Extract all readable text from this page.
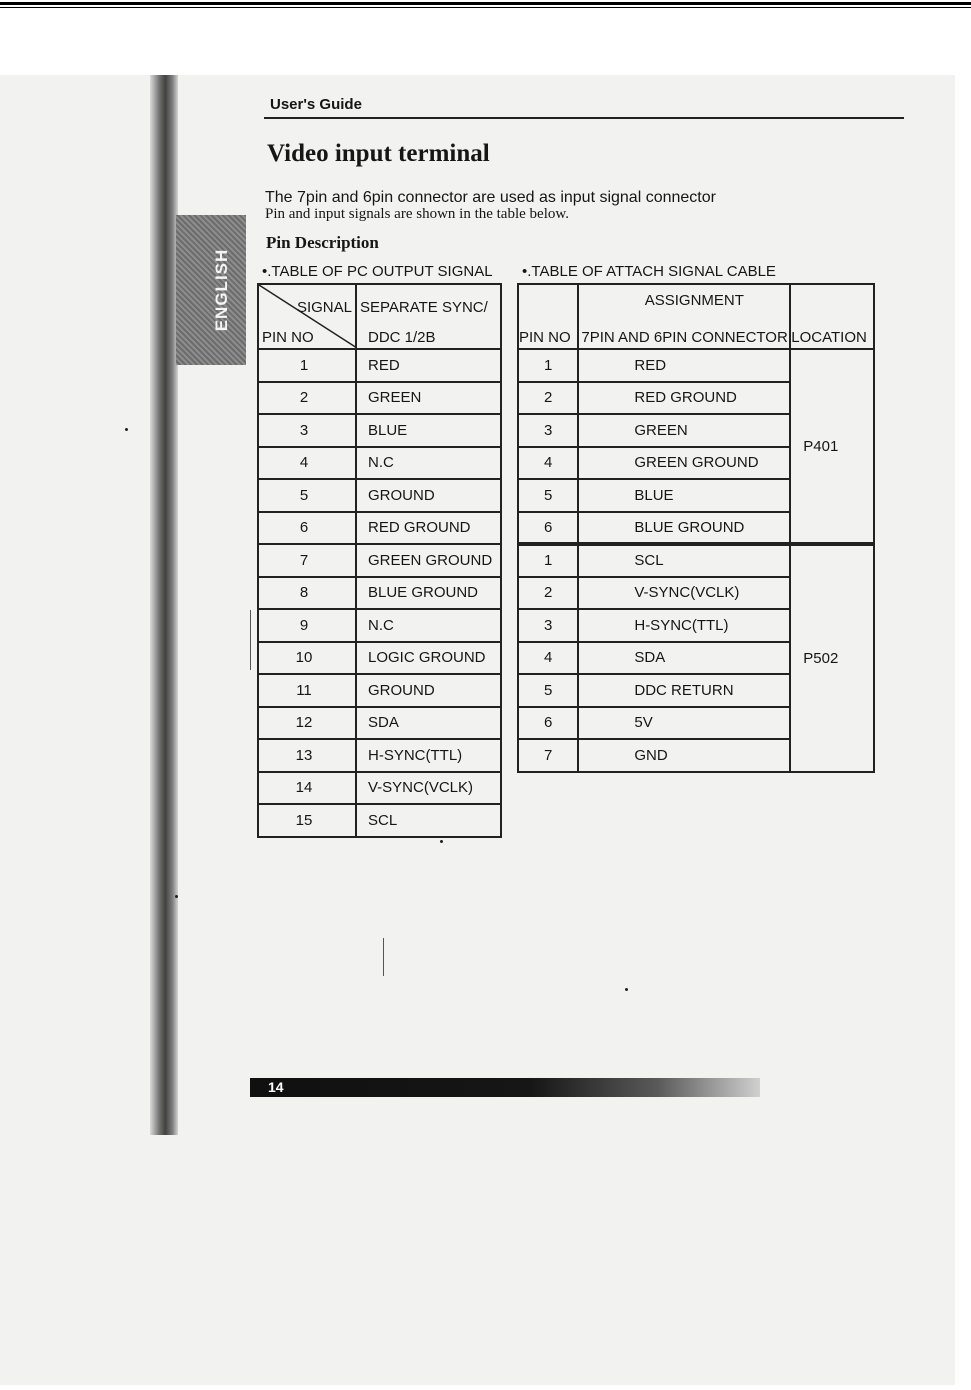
ENGLISH
User's Guide
Video input terminal
The 7pin and 6pin connector are used as input signal connector
Pin and input signals are shown in the table below.
Pin Description
•.TABLE OF PC OUTPUT SIGNAL •.TABLE OF ATTACH SIGNAL CABLE
SIGNAL
PIN NO	SEPARATE SYNC/
DDC 1/2B

1	RED
2	GREEN
3	BLUE
4	N.C
5	GROUND
6	RED GROUND
7	GREEN GROUND
8	BLUE GROUND
9	N.C
10	LOGIC GROUND
11	GROUND
12	SDA
13	H-SYNC(TTL)
14	V-SYNC(VCLK)
15	SCL
PIN NO	ASSIGNMENT	LOCATION
	7PIN AND 6PIN CONNECTOR	
1	RED	P401
2	RED GROUND	
3	GREEN	
4	GREEN GROUND	
5	BLUE	
6	BLUE GROUND	
1	SCL	P502
2	V-SYNC(VCLK)	
3	H-SYNC(TTL)	
4	SDA	
5	DDC RETURN	
6	5V	
7	GND	
14
